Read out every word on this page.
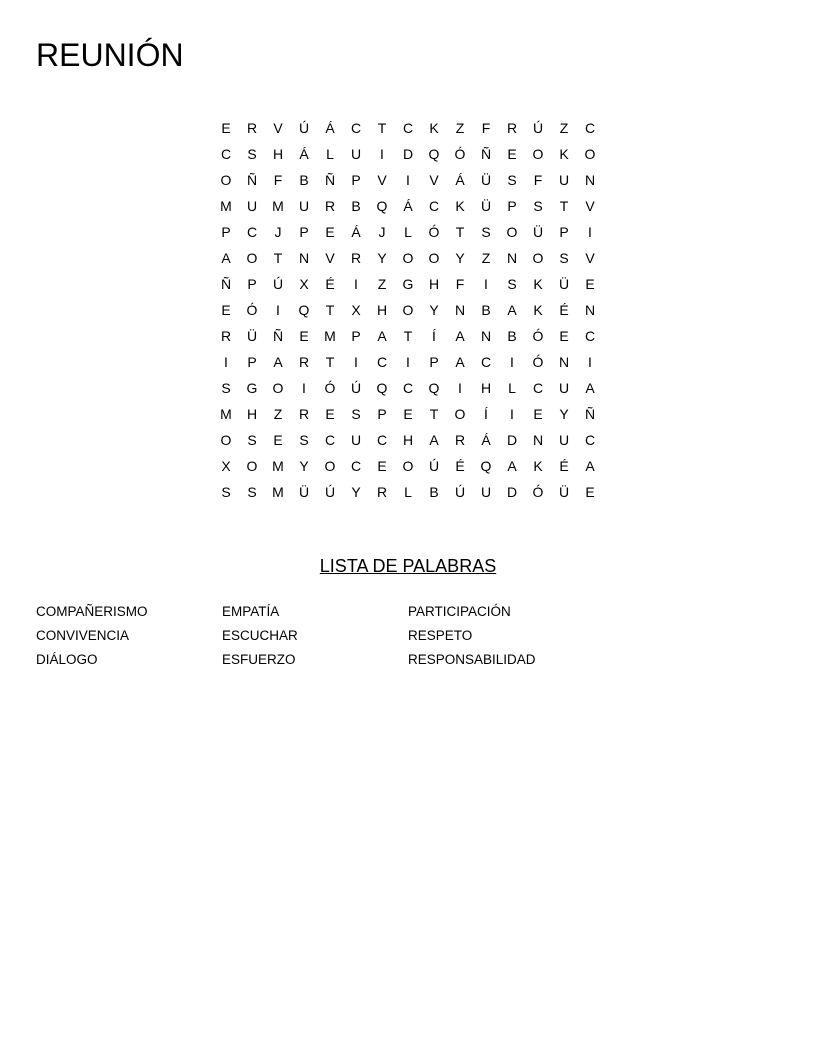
REUNIÓN
E	R	V	Ú	Á	C	T	C	K	Z	F	R	Ú	Z	C
C	S	H	Á	L	U	I	D	Q	Ó	Ñ	E	O	K	O
O	Ñ	F	B	Ñ	P	V	I	V	Á	Ü	S	F	U	N
M	U	M	U	R	B	Q	Á	C	K	Ü	P	S	T	V
P	C	J	P	E	Á	J	L	Ó	T	S	O	Ü	P	I
A	O	T	N	V	R	Y	O	O	Y	Z	N	O	S	V
Ñ	P	Ú	X	É	I	Z	G	H	F	I	S	K	Ü	E
E	Ó	I	Q	T	X	H	O	Y	N	B	A	K	É	N
R	Ü	Ñ	E	M	P	A	T	Í	A	N	B	Ó	E	C
I	P	A	R	T	I	C	I	P	A	C	I	Ó	N	I
S	G	O	I	Ó	Ú	Q	C	Q	I	H	L	C	U	A
M	H	Z	R	E	S	P	E	T	O	Í	I	E	Y	Ñ
O	S	E	S	C	U	C	H	A	R	Á	D	N	U	C
X	O	M	Y	O	C	E	O	Ú	É	Q	A	K	É	A
S	S	M	Ü	Ú	Y	R	L	B	Ú	U	D	Ó	Ü	E
LISTA DE PALABRAS
COMPAÑERISMO
CONVIVENCIA
DIÁLOGO
EMPATÍA
ESCUCHAR
ESFUERZO
PARTICIPACIÓN
RESPETO
RESPONSABILIDAD
